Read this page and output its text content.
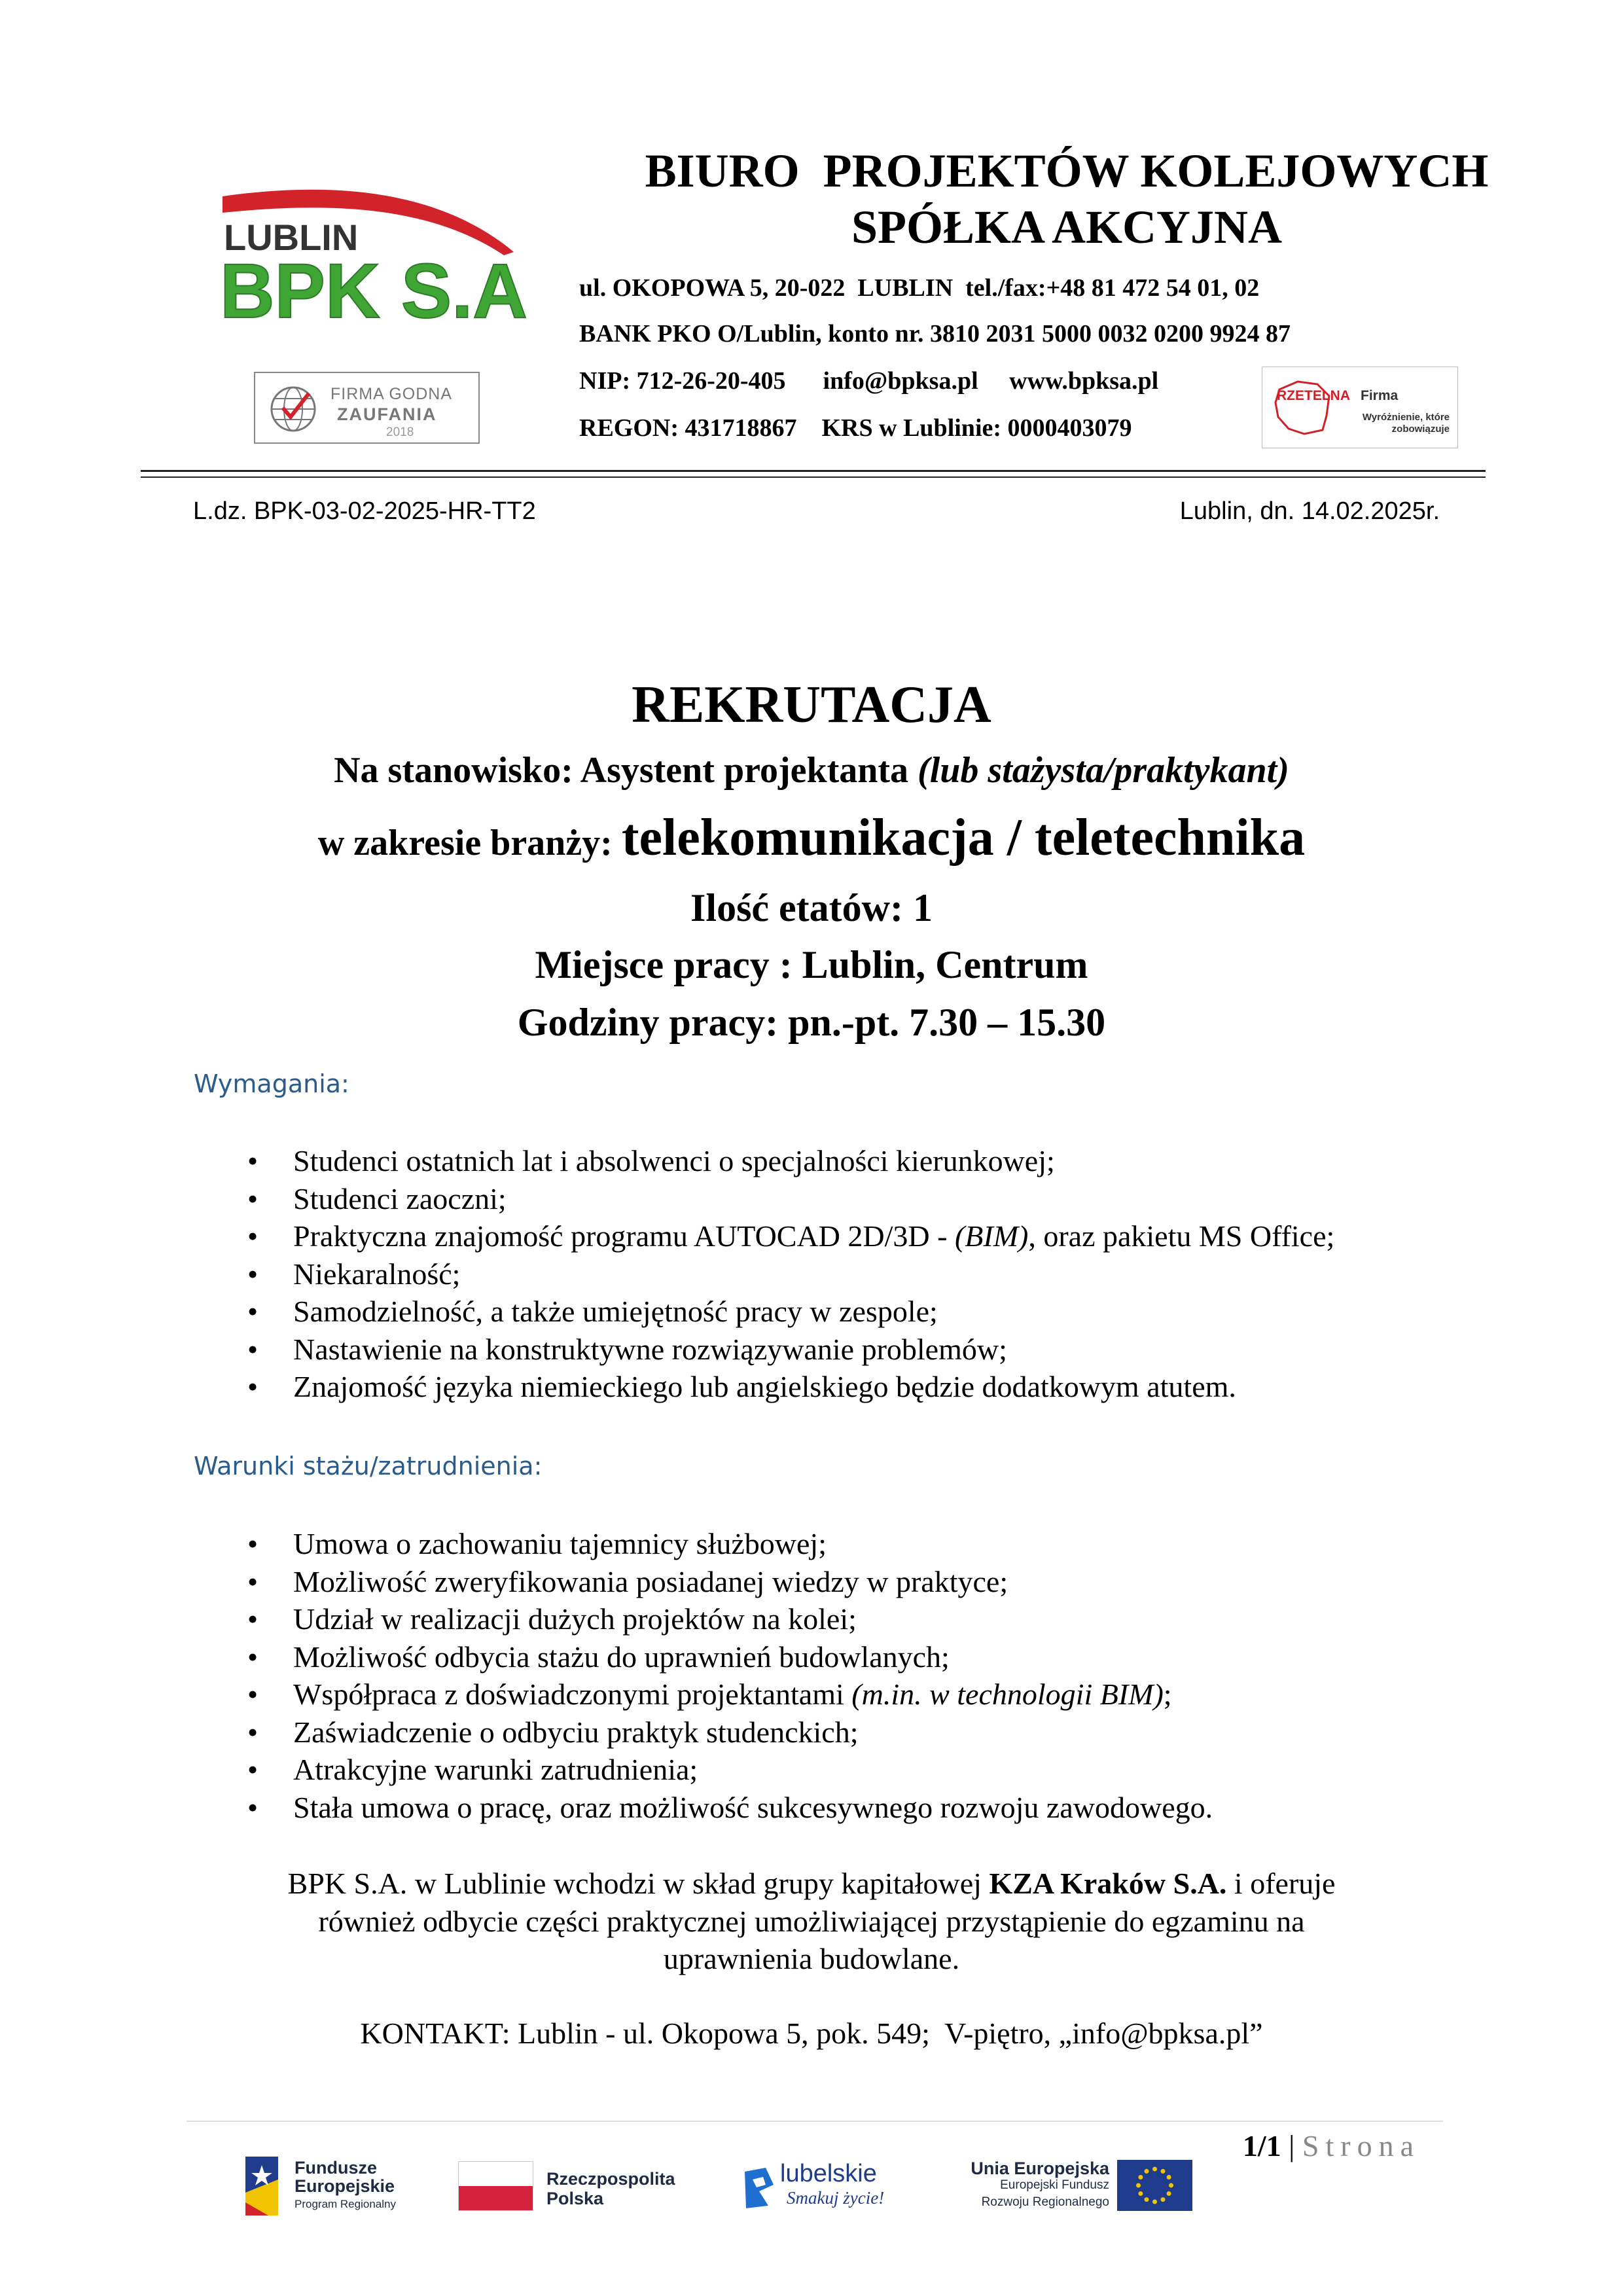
LUBLIN
BPK S.A
FIRMA GODNA
ZAUFANIA
2018
BIURO  PROJEKTÓW KOLEJOWYCH
SPÓŁKA AKCYJNA
ul. OKOPOWA 5, 20-022  LUBLIN  tel./fax:+48 81 472 54 01, 02
BANK PKO O/Lublin, konto nr. 3810 2031 5000 0032 0200 9924 87
NIP: 712-26-20-405      info@bpksa.pl     www.bpksa.pl
REGON: 431718867    KRS w Lublinie: 0000403079
RZETELNA Firma
Wyróżnienie, które zobowiązuje
L.dz. BPK-03-02-2025-HR-TT2	Lublin, dn. 14.02.2025r.
REKRUTACJA
Na stanowisko: Asystent projektanta (lub stażysta/praktykant)
w zakresie branży: telekomunikacja / teletechnika
Ilość etatów: 1
Miejsce pracy : Lublin, Centrum
Godziny pracy: pn.-pt. 7.30 – 15.30
Wymagania:
• Studenci ostatnich lat i absolwenci o specjalności kierunkowej;
• Studenci zaoczni;
• Praktyczna znajomość programu AUTOCAD 2D/3D - (BIM), oraz pakietu MS Office;
• Niekaralność;
• Samodzielność, a także umiejętność pracy w zespole;
• Nastawienie na konstruktywne rozwiązywanie problemów;
• Znajomość języka niemieckiego lub angielskiego będzie dodatkowym atutem.
Warunki stażu/zatrudnienia:
• Umowa o zachowaniu tajemnicy służbowej;
• Możliwość zweryfikowania posiadanej wiedzy w praktyce;
• Udział w realizacji dużych projektów na kolei;
• Możliwość odbycia stażu do uprawnień budowlanych;
• Współpraca z doświadczonymi projektantami (m.in. w technologii BIM);
• Zaświadczenie o odbyciu praktyk studenckich;
• Atrakcyjne warunki zatrudnienia;
• Stała umowa o pracę, oraz możliwość sukcesywnego rozwoju zawodowego.
BPK S.A. w Lublinie wchodzi w skład grupy kapitałowej KZA Kraków S.A. i oferuje
również odbycie części praktycznej umożliwiającej przystąpienie do egzaminu na
uprawnienia budowlane.
KONTAKT: Lublin - ul. Okopowa 5, pok. 549;  V-piętro, „info@bpksa.pl”
1/1 | Strona
Fundusze
Europejskie
Program Regionalny
Rzeczpospolita
Polska
lubelskie
Smakuj życie!
Unia Europejska
Europejski Fundusz
Rozwoju Regionalnego
